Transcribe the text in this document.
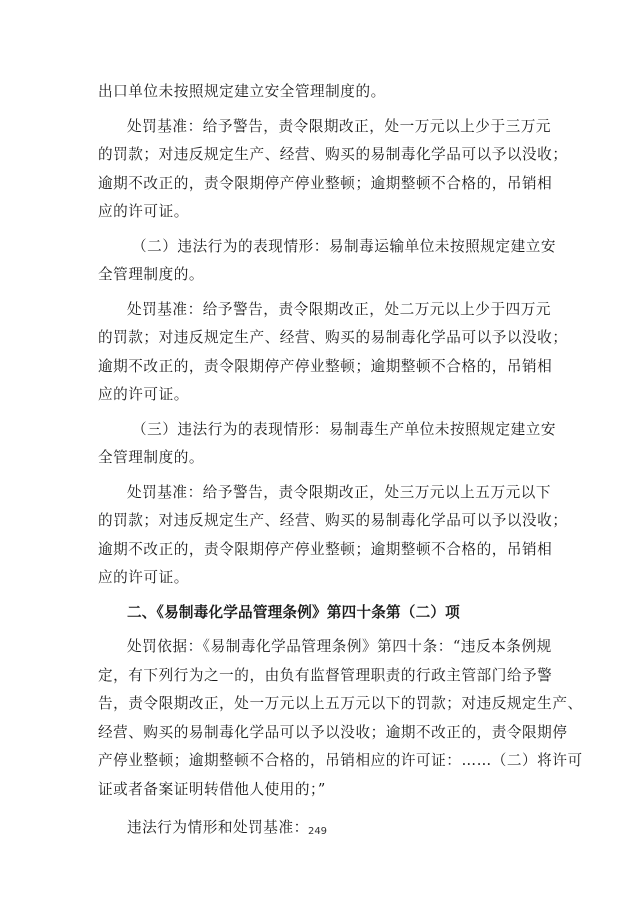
出口单位未按照规定建立安全管理制度的。
处罚基准：给予警告，责令限期改正，处一万元以上少于三万元
的罚款；对违反规定生产、经营、购买的易制毒化学品可以予以没收；
逾期不改正的，责令限期停产停业整顿；逾期整顿不合格的，吊销相
应的许可证。
（二）违法行为的表现情形：易制毒运输单位未按照规定建立安
全管理制度的。
处罚基准：给予警告，责令限期改正，处二万元以上少于四万元
的罚款；对违反规定生产、经营、购买的易制毒化学品可以予以没收；
逾期不改正的，责令限期停产停业整顿；逾期整顿不合格的，吊销相
应的许可证。
（三）违法行为的表现情形：易制毒生产单位未按照规定建立安
全管理制度的。
处罚基准：给予警告，责令限期改正，处三万元以上五万元以下
的罚款；对违反规定生产、经营、购买的易制毒化学品可以予以没收；
逾期不改正的，责令限期停产停业整顿；逾期整顿不合格的，吊销相
应的许可证。
二、《易制毒化学品管理条例》第四十条第（二）项
处罚依据：《易制毒化学品管理条例》第四十条：“违反本条例规
定，有下列行为之一的，由负有监督管理职责的行政主管部门给予警
告，责令限期改正，处一万元以上五万元以下的罚款；对违反规定生产、
经营、购买的易制毒化学品可以予以没收；逾期不改正的，责令限期停
产停业整顿；逾期整顿不合格的，吊销相应的许可证：……（二）将许可
证或者备案证明转借他人使用的；”
违法行为情形和处罚基准： 249
